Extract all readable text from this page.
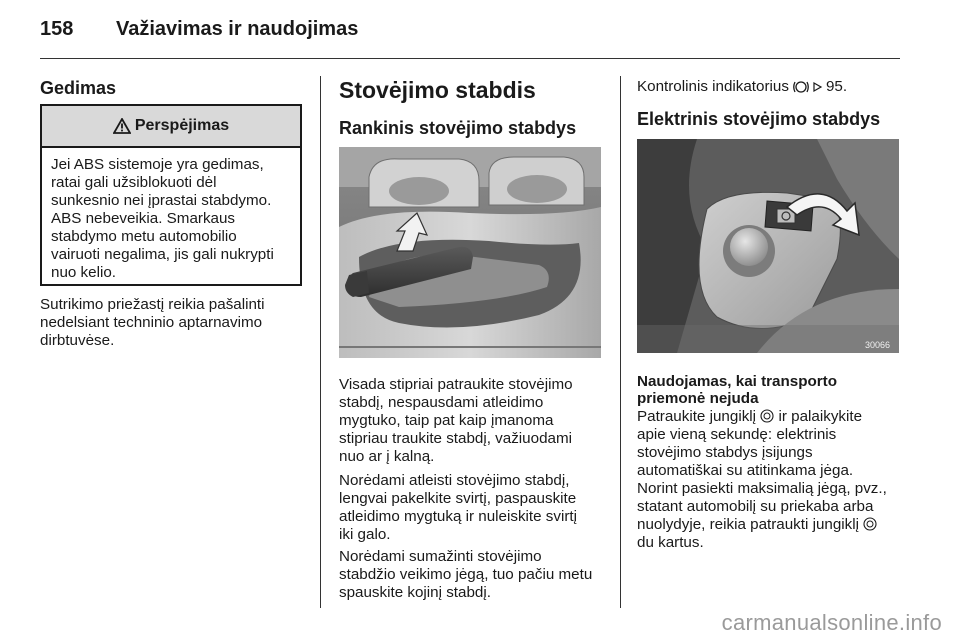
158 Važiavimas ir naudojimas
Gedimas
Perspėjimas
Jei ABS sistemoje yra gedimas,
ratai gali užsiblokuoti dėl
sunkesnio nei įprastai stabdymo.
ABS nebeveikia. Smarkaus
stabdymo metu automobilio
vairuoti negalima, jis gali nukrypti
nuo kelio.
Sutrikimo priežastį reikia pašalinti
nedelsiant techninio aptarnavimo
dirbtuvėse.
Stovėjimo stabdis
Rankinis stovėjimo stabdys
Visada stipriai patraukite stovėjimo
stabdį, nespausdami atleidimo
mygtuko, taip pat kaip įmanoma
stipriau traukite stabdį, važiuodami
nuo ar į kalną.
Norėdami atleisti stovėjimo stabdį,
lengvai pakelkite svirtį, paspauskite
atleidimo mygtuką ir nuleiskite svirtį
iki galo.
Norėdami sumažinti stovėjimo
stabdžio veikimo jėgą, tuo pačiu metu
spauskite kojinį stabdį.
Kontrolinis indikatorius 95.
Elektrinis stovėjimo stabdys
30066
Naudojamas, kai transporto
priemonė nejuda
Patraukite jungiklį  ir palaikykite
apie vieną sekundę: elektrinis
stovėjimo stabdys įsijungs
automatiškai su atitinkama jėga.
Norint pasiekti maksimalią jėgą, pvz.,
statant automobilį su priekaba arba
nuolydyje, reikia patraukti jungiklį
du kartus.
carmanualsonline.info
